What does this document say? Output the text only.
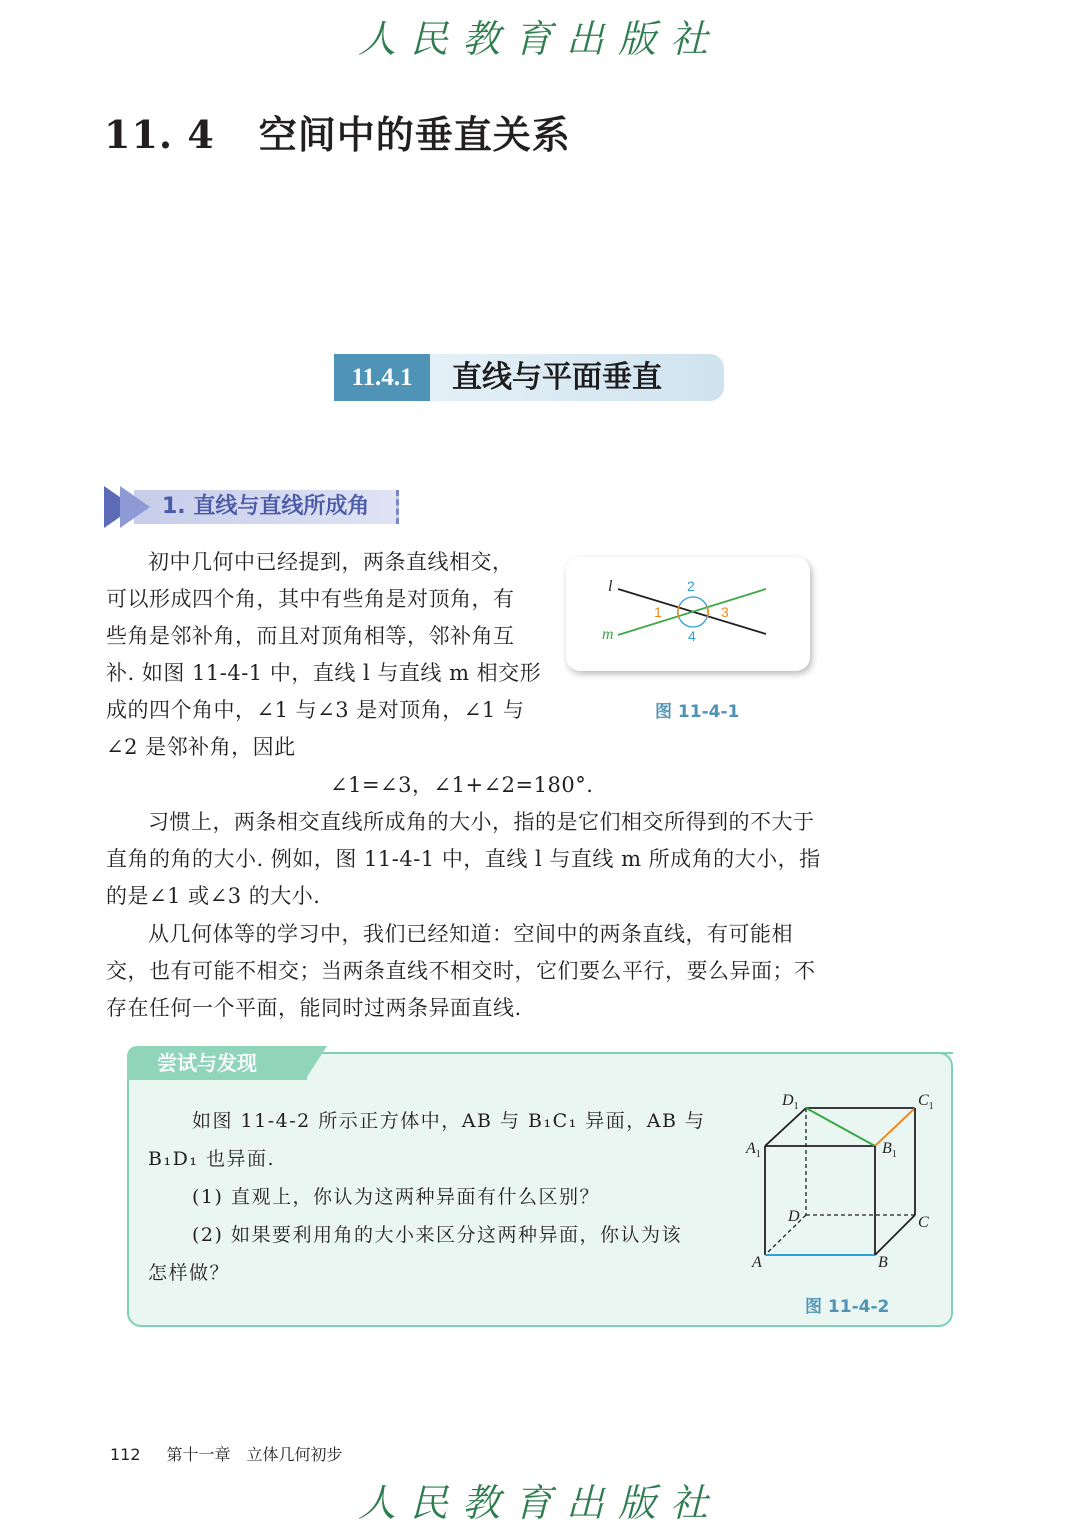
人民教育出版社
11. 4 空间中的垂直关系
11.4.1	直线与平面垂直
1. 直线与直线所成角

初中几何中已经提到，两条直线相交，

可以形成四个角，其中有些角是对顶角，有

些角是邻补角，而且对顶角相等，邻补角互

补. 如图 11-4-1 中，直线 l 与直线 m 相交形

成的四个角中，∠1 与∠3 是对顶角，∠1 与

∠2 是邻补角，因此

∠1=∠3，∠1+∠2=180°.

习惯上，两条相交直线所成角的大小，指的是它们相交所得到的不大于

直角的角的大小. 例如，图 11-4-1 中，直线 l 与直线 m 所成角的大小，指

的是∠1 或∠3 的大小.

从几何体等的学习中，我们已经知道：空间中的两条直线，有可能相

交，也有可能不相交；当两条直线不相交时，它们要么平行，要么异面；不

存在任何一个平面，能同时过两条异面直线.

l
m
1
2
3
4
图 11-4-1
尝试与发现

如图 11-4-2 所示正方体中，AB 与 B₁C₁ 异面，AB 与

B₁D₁ 也异面.

(1) 直观上，你认为这两种异面有什么区别？

(2) 如果要利用角的大小来区分这两种异面，你认为该

怎样做？

$D_1$	$C_1$
$A_1$	$B_1$
D	C
A	B
图 11-4-2
112 第十一章　立体几何初步
人民教育出版社
